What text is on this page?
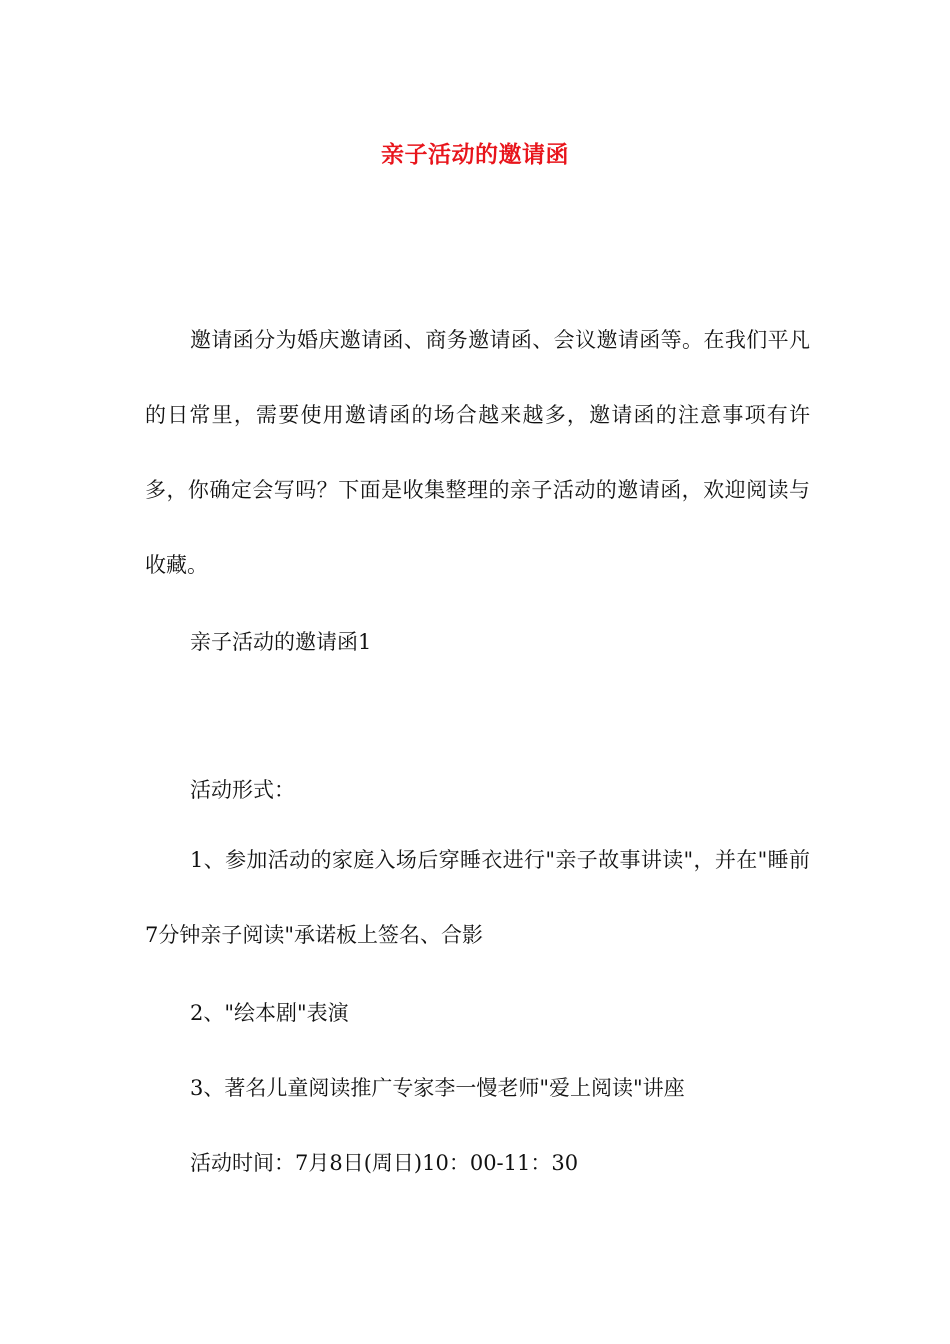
亲子活动的邀请函

邀请函分为婚庆邀请函、商务邀请函、会议邀请函等。在我们平凡的日常里，需要使用邀请函的场合越来越多，邀请函的注意事项有许多，你确定会写吗？下面是收集整理的亲子活动的邀请函，欢迎阅读与收藏。

亲子活动的邀请函1

活动形式：

1、参加活动的家庭入场后穿睡衣进行"亲子故事讲读"，并在"睡前7分钟亲子阅读"承诺板上签名、合影

2、"绘本剧"表演

3、著名儿童阅读推广专家李一慢老师"爱上阅读"讲座

活动时间：7月8日(周日)10：00-11：30
